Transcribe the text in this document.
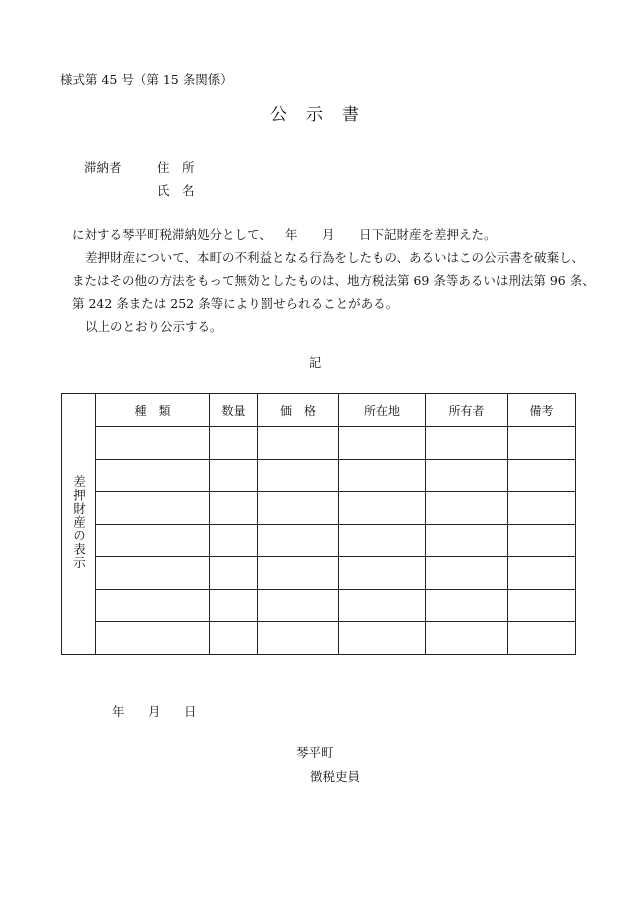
様式第 45 号（第 15 条関係）
公 示 書
滞納者	住　所
氏　名
に対する琴平町税滞納処分として、 年 月 日下記財産を差押えた。
差押財産について、本町の不利益となる行為をしたもの、あるいはこの公示書を破棄し、
またはその他の方法をもって無効としたものは、地方税法第 69 条等あるいは刑法第 96 条、
第 242 条または 252 条等により罰せられることがある。
以上のとおり公示する。
記
差押財産の表示	種　類	数量	価　格	所在地	所有者	備考

年 月 日
琴平町
徴税吏員
